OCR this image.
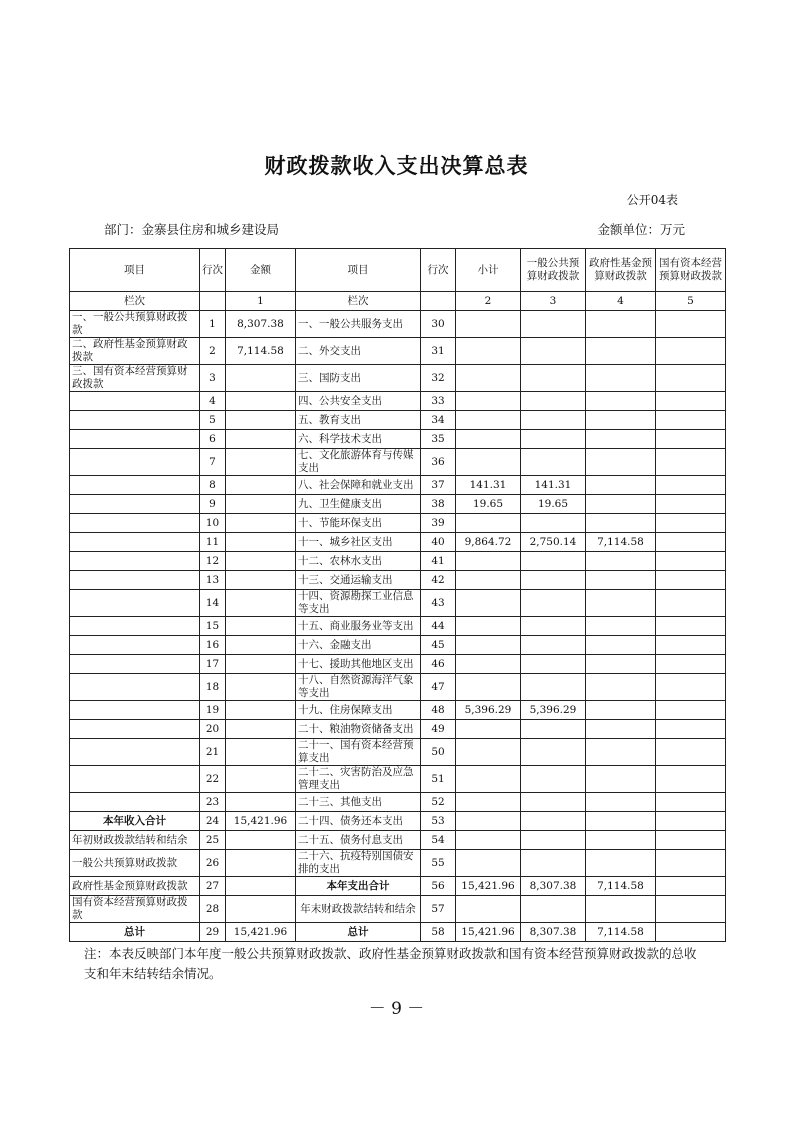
财政拨款收入支出决算总表
公开04表
部门：金寨县住房和城乡建设局	金额单位：万元
项目	行次	金额	项目	行次	小计	一般公共预算财政拨款	政府性基金预算财政拨款	国有资本经营预算财政拨款
栏次		1	栏次		2	3	4	5
一、一般公共预算财政拨款	1	8,307.38	一、一般公共服务支出	30				
二、政府性基金预算财政拨款	2	7,114.58	二、外交支出	31				
三、国有资本经营预算财政拨款	3		三、国防支出	32				
	4		四、公共安全支出	33				
	5		五、教育支出	34				
	6		六、科学技术支出	35				
	7		七、文化旅游体育与传媒支出	36				
	8		八、社会保障和就业支出	37	141.31	141.31		
	9		九、卫生健康支出	38	19.65	19.65		
	10		十、节能环保支出	39				
	11		十一、城乡社区支出	40	9,864.72	2,750.14	7,114.58	
	12		十二、农林水支出	41				
	13		十三、交通运输支出	42				
	14		十四、资源勘探工业信息等支出	43				
	15		十五、商业服务业等支出	44				
	16		十六、金融支出	45				
	17		十七、援助其他地区支出	46				
	18		十八、自然资源海洋气象等支出	47				
	19		十九、住房保障支出	48	5,396.29	5,396.29		
	20		二十、粮油物资储备支出	49				
	21		二十一、国有资本经营预算支出	50				
	22		二十二、灾害防治及应急管理支出	51				
	23		二十三、其他支出	52				
本年收入合计	24	15,421.96	二十四、债务还本支出	53				
年初财政拨款结转和结余	25		二十五、债务付息支出	54				
一般公共预算财政拨款	26		二十六、抗疫特别国债安排的支出	55				
政府性基金预算财政拨款	27		本年支出合计	56	15,421.96	8,307.38	7,114.58	
国有资本经营预算财政拨款	28		年末财政拨款结转和结余	57				
总计	29	15,421.96	总计	58	15,421.96	8,307.38	7,114.58	
注：本表反映部门本年度一般公共预算财政拨款、政府性基金预算财政拨款和国有资本经营预算财政拨款的总收支和年末结转结余情况。
－ 9 －
